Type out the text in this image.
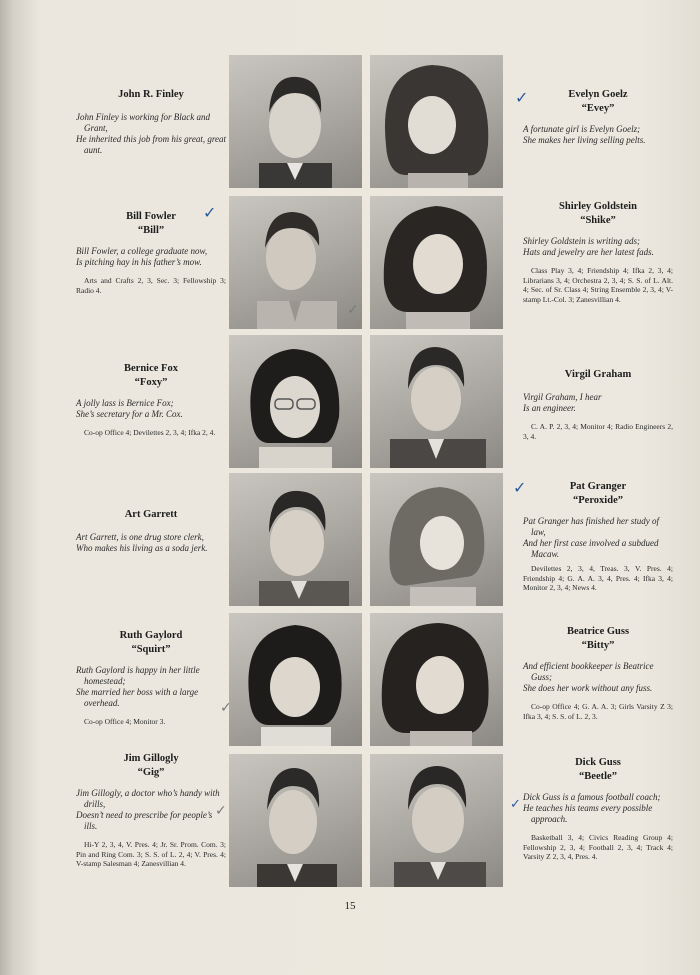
John R. Finley
John Finley is working for Black and Grant,
He inherited this job from his great, great aunt.
Bill Fowler
“Bill”
Bill Fowler, a college graduate now,
Is pitching hay in his father’s mow.
Arts and Crafts 2, 3, Sec. 3; Fellowship 3; Radio 4.
Bernice Fox
“Foxy”
A jolly lass is Bernice Fox;
She’s secretary for a Mr. Cox.
Co-op Office 4; Devilettes 2, 3, 4; Ifka 2, 4.
Art Garrett
Art Garrett, is one drug store clerk,
Who makes his living as a soda jerk.
Ruth Gaylord
“Squirt”
Ruth Gaylord is happy in her little homestead;
She married her boss with a large overhead.
Co-op Office 4; Monitor 3.
Jim Gillogly
“Gig”
Jim Gillogly, a doctor who’s handy with drills,
Doesn’t need to prescribe for people’s ills.
Hi-Y 2, 3, 4, V. Pres. 4; Jr. Sr. Prom. Com. 3; Pin and Ring Com. 3; S. S. of L. 2, 4; V. Pres. 4; V-stamp Salesman 4; Zanesvillian 4.
Evelyn Goelz
“Evey”
A fortunate girl is Evelyn Goelz;
She makes her living selling pelts.
Shirley Goldstein
“Shike”
Shirley Goldstein is writing ads;
Hats and jewelry are her latest fads.
Class Play 3, 4; Friendship 4; Ifka 2, 3, 4; Librarians 3, 4; Orchestra 2, 3, 4; S. S. of L. Alt. 4; Sec. of Sr. Class 4; String Ensemble 2, 3, 4; V-stamp Lt.-Col. 3; Zanesvillian 4.
Virgil Graham
Virgil Graham, I hear
Is an engineer.
C. A. P. 2, 3, 4; Monitor 4; Radio Engineers 2, 3, 4.
Pat Granger
“Peroxide”
Pat Granger has finished her study of law,
And her first case involved a subdued Macaw.
Devilettes 2, 3, 4, Treas. 3, V. Pres. 4; Friendship 4; G. A. A. 3, 4, Pres. 4; Ifka 3, 4; Monitor 2, 3, 4; News 4.
Beatrice Guss
“Bitty”
And efficient bookkeeper is Beatrice Guss;
She does her work without any fuss.
Co-op Office 4; G. A. A. 3; Girls Varsity Z 3; Ifka 3, 4; S. S. of L. 2, 3.
Dick Guss
“Beetle”
Dick Guss is a famous football coach;
He teaches his teams every possible approach.
Basketball 3, 4; Civics Reading Group 4; Fellowship 2, 3, 4; Football 2, 3, 4; Track 4; Varsity Z 2, 3, 4, Pres. 4.
✓
✓
✓
✓
✓
✓	✓
15
